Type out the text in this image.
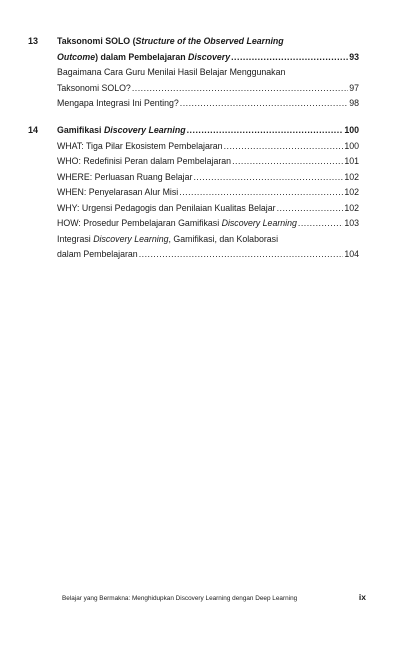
13 Taksonomi SOLO (Structure of the Observed Learning
Outcome) dalam Pembelajaran Discovery .....	93
Bagaimana Cara Guru Menilai Hasil Belajar Menggunakan
Taksonomi SOLO? .....	97
Mengapa Integrasi Ini Penting? .....	98
14 Gamifikasi Discovery Learning .....	100
WHAT: Tiga Pilar Ekosistem Pembelajaran .....	100
WHO: Redefinisi Peran dalam Pembelajaran .....	101
WHERE: Perluasan Ruang Belajar .....	102
WHEN: Penyelarasan Alur Misi .....	102
WHY: Urgensi Pedagogis dan Penilaian Kualitas Belajar .....	102
HOW: Prosedur Pembelajaran Gamifikasi Discovery Learning .....	103
Integrasi Discovery Learning, Gamifikasi, dan Kolaborasi
dalam Pembelajaran .....	104
Belajar yang Bermakna: Menghidupkan Discovery Learning dengan Deep Learning	ix
